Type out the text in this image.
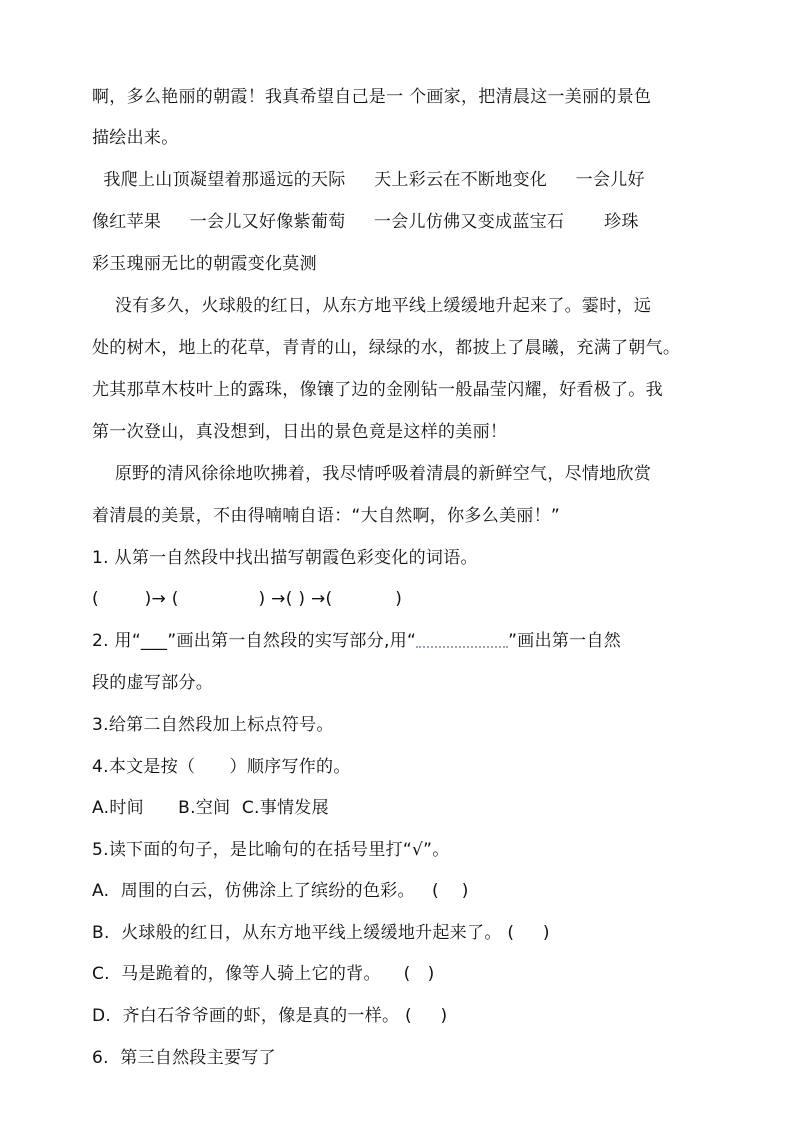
啊，多么艳丽的朝霞！我真希望自己是一 个画家，把清晨这一美丽的景色
描绘出来。
我爬上山顶凝望着那遥远的天际     天上彩云在不断地变化     一会儿好
像红苹果     一会儿又好像紫葡萄     一会儿仿佛又变成蓝宝石       珍珠
彩玉瑰丽无比的朝霞变化莫测
没有多久，火球般的红日，从东方地平线上缓缓地升起来了。霎时，远
处的树木，地上的花草，青青的山，绿绿的水，都披上了晨曦，充满了朝气。
尤其那草木枝叶上的露珠，像镶了边的金刚钻一般晶莹闪耀，好看极了。我
第一次登山，真没想到，日出的景色竟是这样的美丽！
原野的清风徐徐地吹拂着，我尽情呼吸着清晨的新鲜空气，尽情地欣赏
着清晨的美景，不由得喃喃自语：“大自然啊，你多么美丽！”
1. 从第一自然段中找出描写朝霞色彩变化的词语。
(        )→ (              ) →( ) →(           )
2. 用“___”画出第一自然段的实写部分,用“	”画出第一自然
段的虚写部分。
3.给第二自然段加上标点符号。
4.本文是按（      ）顺序写作的。
A.时间      B.空间  C.事情发展
5.读下面的句子，是比喻句的在括号里打“√”。
A.  周围的白云，仿佛涂上了缤纷的色彩。   (    )
B.  火球般的红日，从东方地平线上缓缓地升起来了。 (     )
C.  马是跪着的，像等人骑上它的背。    (   )
D.  齐白石爷爷画的虾，像是真的一样。 (     )
6.  第三自然段主要写了
